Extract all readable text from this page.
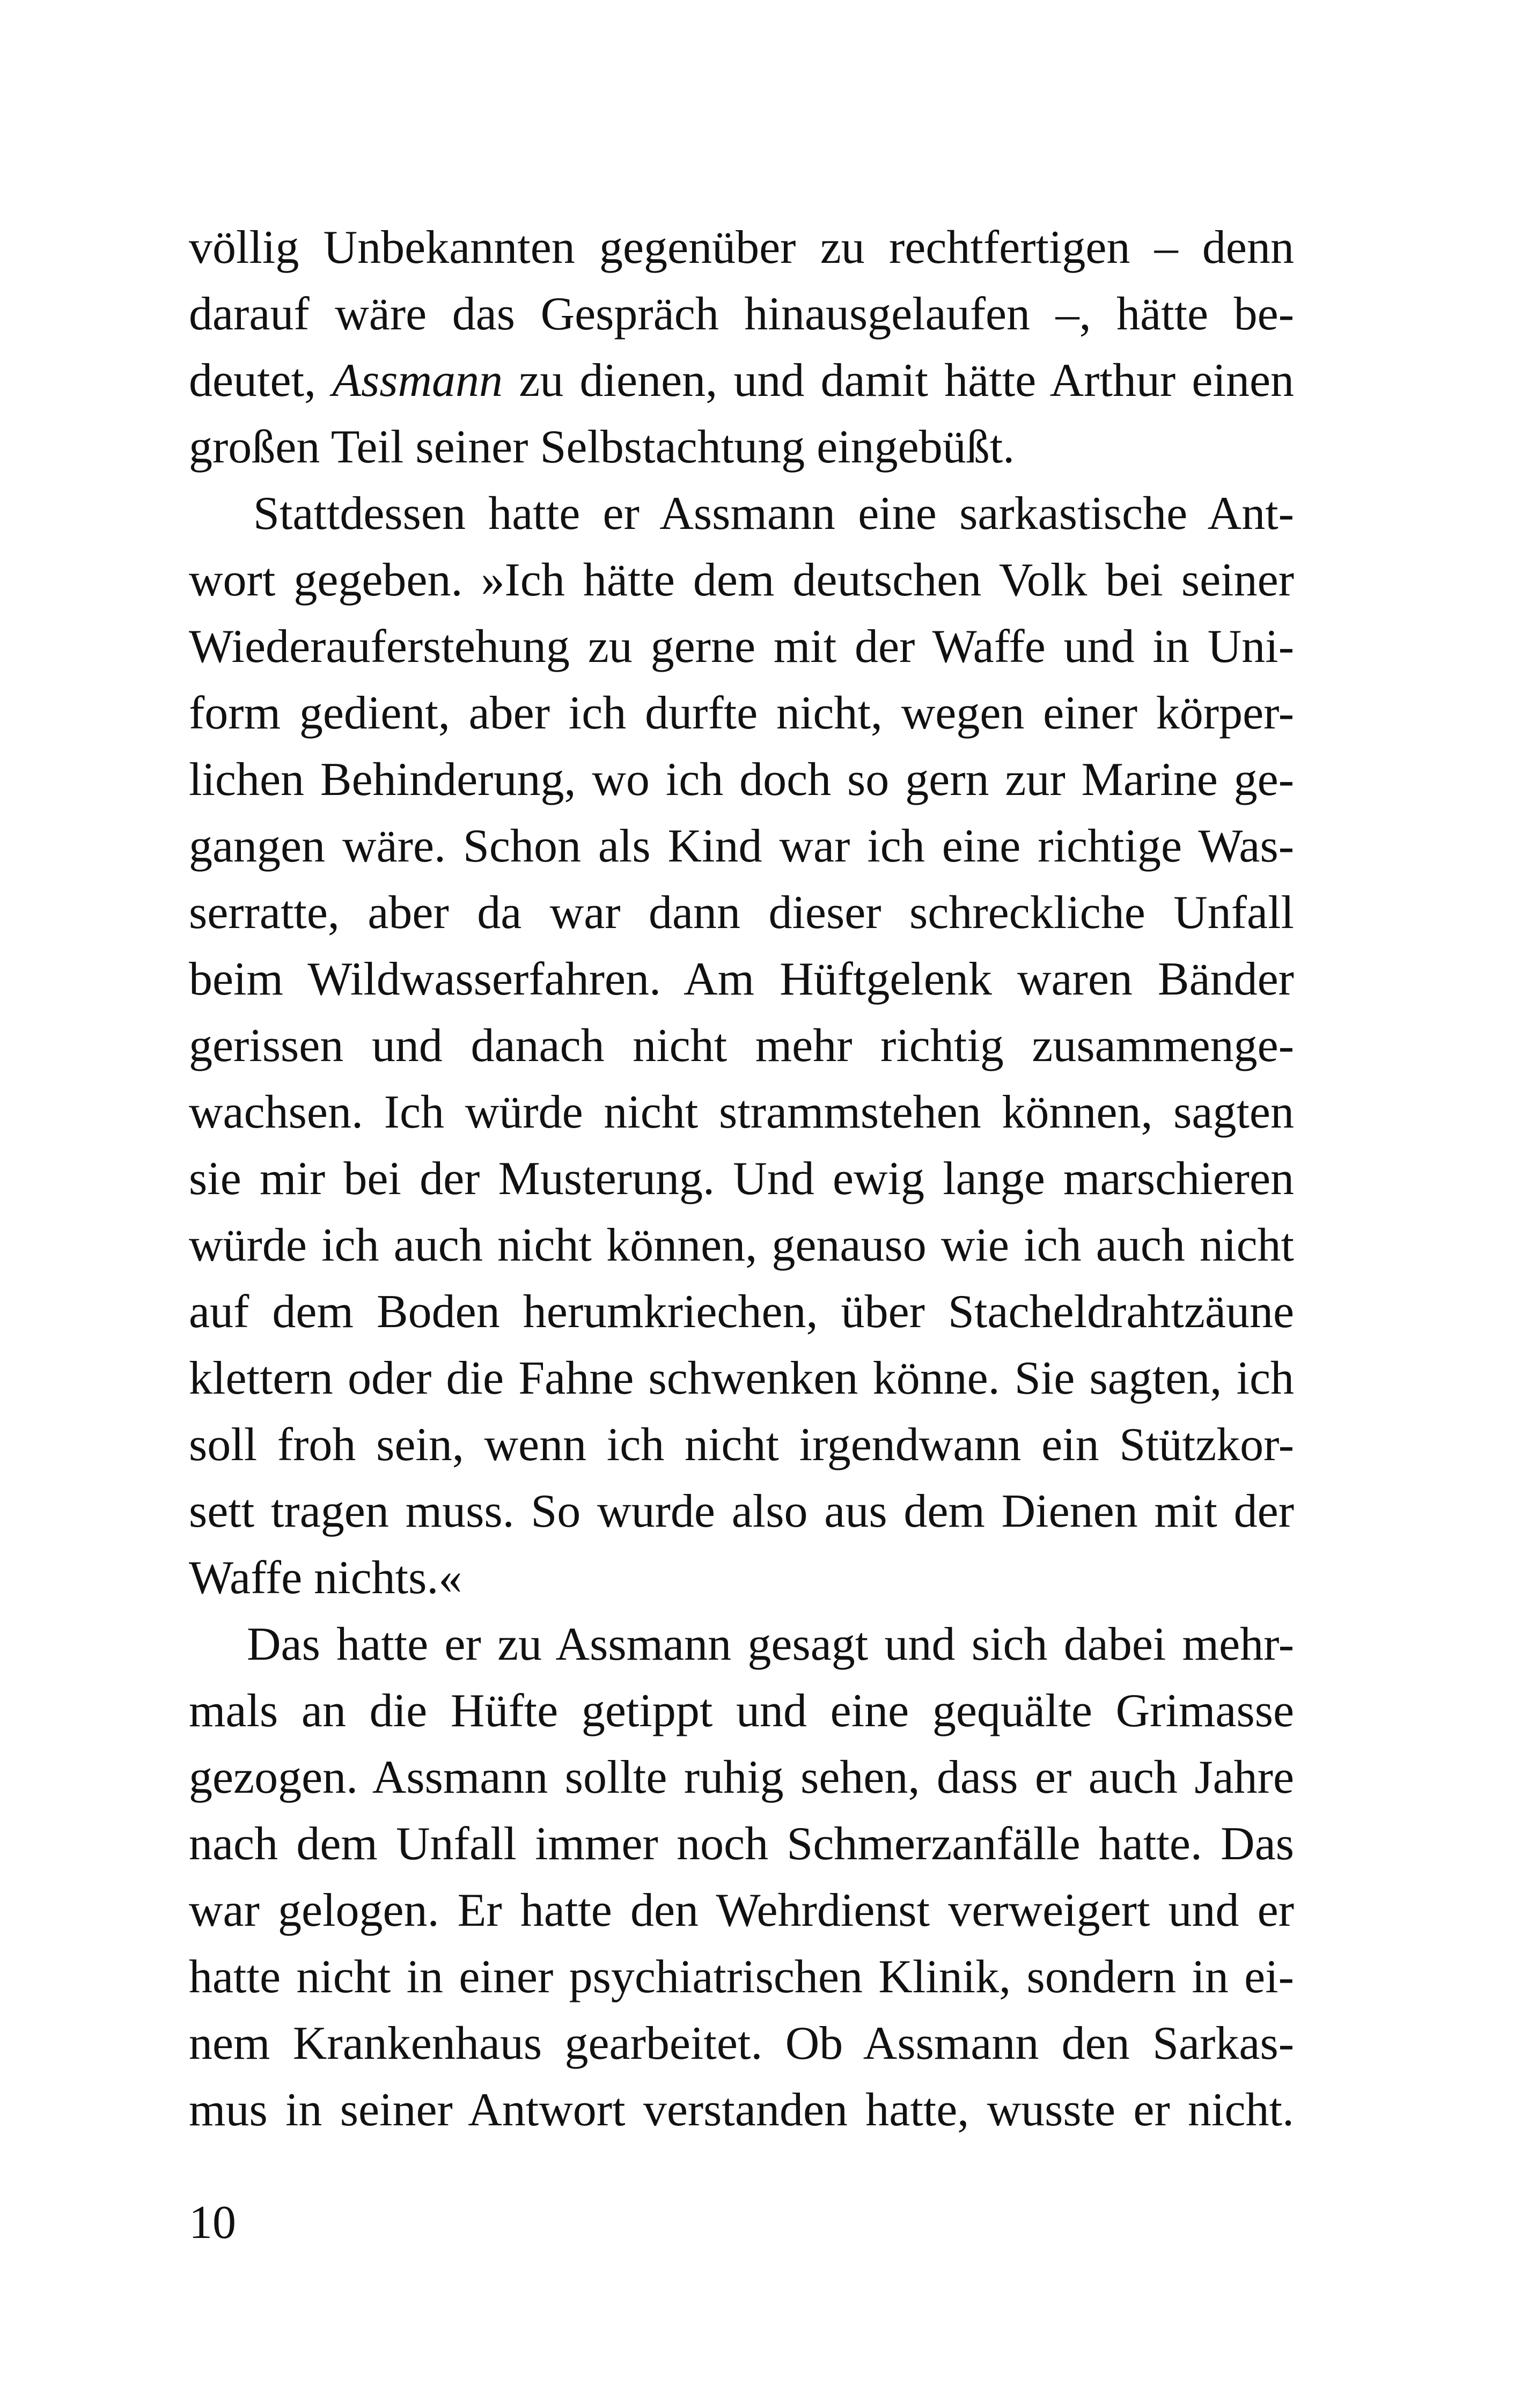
völlig Unbekannten gegenüber zu rechtfertigen – denn
darauf wäre das Gespräch hinausgelaufen –, hätte be-
deutet, Assmann zu dienen, und damit hätte Arthur einen
großen Teil seiner Selbstachtung eingebüßt.
Stattdessen hatte er Assmann eine sarkastische Ant-
wort gegeben. »Ich hätte dem deutschen Volk bei seiner
Wiederauferstehung zu gerne mit der Waffe und in Uni-
form gedient, aber ich durfte nicht, wegen einer körper-
lichen Behinderung, wo ich doch so gern zur Marine ge-
gangen wäre. Schon als Kind war ich eine richtige Was-
serratte, aber da war dann dieser schreckliche Unfall
beim Wildwasserfahren. Am Hüftgelenk waren Bänder
gerissen und danach nicht mehr richtig zusammenge-
wachsen. Ich würde nicht strammstehen können, sagten
sie mir bei der Musterung. Und ewig lange marschieren
würde ich auch nicht können, genauso wie ich auch nicht
auf dem Boden herumkriechen, über Stacheldrahtzäune
klettern oder die Fahne schwenken könne. Sie sagten, ich
soll froh sein, wenn ich nicht irgendwann ein Stützkor-
sett tragen muss. So wurde also aus dem Dienen mit der
Waffe nichts.«
Das hatte er zu Assmann gesagt und sich dabei mehr-
mals an die Hüfte getippt und eine gequälte Grimasse
gezogen. Assmann sollte ruhig sehen, dass er auch Jahre
nach dem Unfall immer noch Schmerzanfälle hatte. Das
war gelogen. Er hatte den Wehrdienst verweigert und er
hatte nicht in einer psychiatrischen Klinik, sondern in ei-
nem Krankenhaus gearbeitet. Ob Assmann den Sarkas-
mus in seiner Antwort verstanden hatte, wusste er nicht.
10
